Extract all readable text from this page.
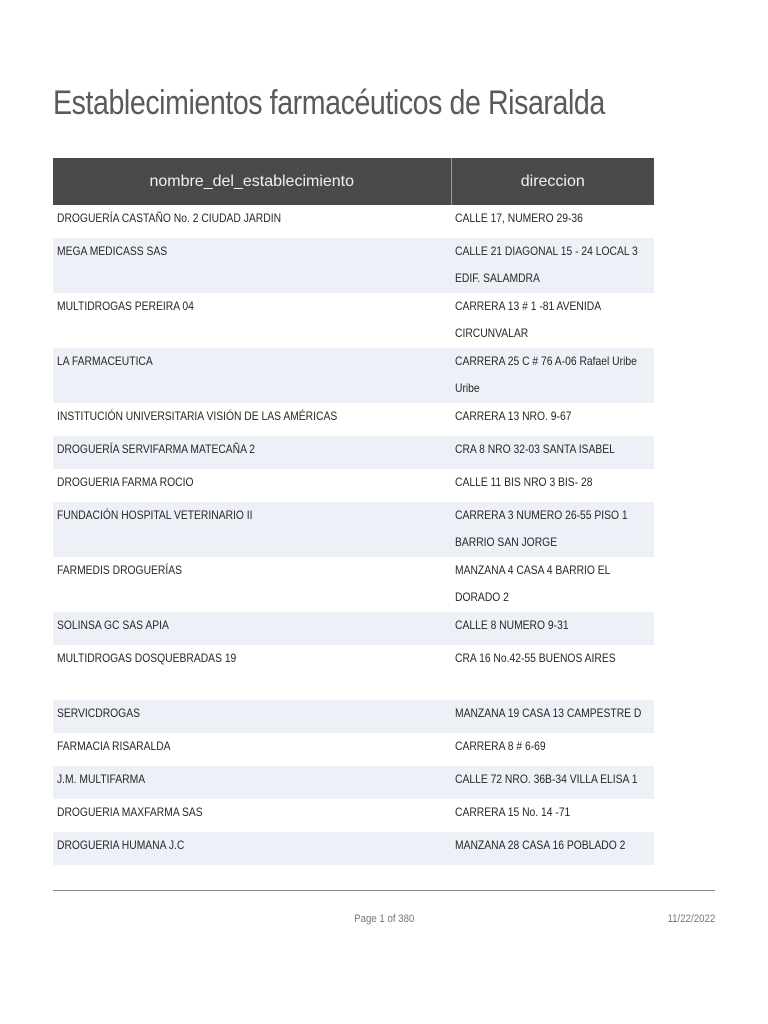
Establecimientos farmacéuticos de Risaralda
nombre_del_establecimiento	direccion
DROGUERÍA CASTAÑO No. 2 CIUDAD JARDIN	CALLE 17, NUMERO 29-36
MEGA MEDICASS SAS	CALLE 21 DIAGONAL 15 - 24 LOCAL 3 EDIF. SALAMDRA
MULTIDROGAS PEREIRA 04	CARRERA 13 # 1 -81 AVENIDA CIRCUNVALAR
LA FARMACEUTICA	CARRERA 25 C # 76 A-06 Rafael Uribe Uribe
INSTITUCIÓN UNIVERSITARIA VISIÓN DE LAS AMÉRICAS	CARRERA 13 NRO. 9-67
DROGUERÍA SERVIFARMA MATECAÑA 2	CRA 8 NRO 32-03 SANTA ISABEL
DROGUERIA FARMA ROCIO	CALLE 11 BIS NRO 3 BIS- 28
FUNDACIÓN HOSPITAL VETERINARIO II	CARRERA 3 NUMERO 26-55 PISO 1 BARRIO SAN JORGE
FARMEDIS DROGUERÍAS	MANZANA 4 CASA 4 BARRIO EL DORADO 2
SOLINSA GC SAS APIA	CALLE 8 NUMERO 9-31
MULTIDROGAS DOSQUEBRADAS 19	CRA 16 No.42-55 BUENOS AIRES
SERVICDROGAS	MANZANA 19 CASA 13 CAMPESTRE D
FARMACIA RISARALDA	CARRERA 8 # 6-69
J.M. MULTIFARMA	CALLE 72 NRO. 36B-34 VILLA ELISA 1
DROGUERIA MAXFARMA SAS	CARRERA 15 No. 14 -71
DROGUERIA HUMANA J.C	MANZANA 28 CASA 16 POBLADO 2
Page 1 of 380	11/22/2022
